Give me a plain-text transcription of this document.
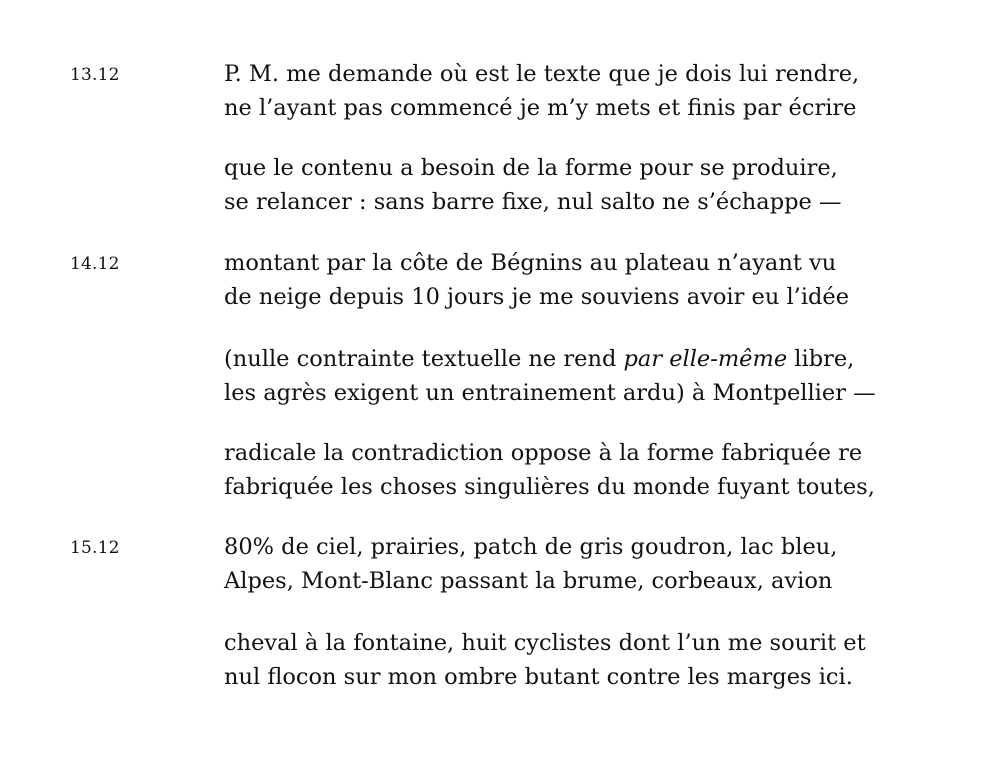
13.12	P. M. me demande où est le texte que je dois lui rendre,
ne l’ayant pas commencé je m’y mets et finis par écrire
que le contenu a besoin de la forme pour se produire,
se relancer : sans barre fixe, nul salto ne s’échappe —
14.12	montant par la côte de Bégnins au plateau n’ayant vu
de neige depuis 10 jours je me souviens avoir eu l’idée
(nulle contrainte textuelle ne rend par elle-même libre,
les agrès exigent un entrainement ardu) à Montpellier —
radicale la contradiction oppose à la forme fabriquée re
fabriquée les choses singulières du monde fuyant toutes,
15.12	80% de ciel, prairies, patch de gris goudron, lac bleu,
Alpes, Mont-Blanc passant la brume, corbeaux, avion
cheval à la fontaine, huit cyclistes dont l’un me sourit et
nul flocon sur mon ombre butant contre les marges ici.
